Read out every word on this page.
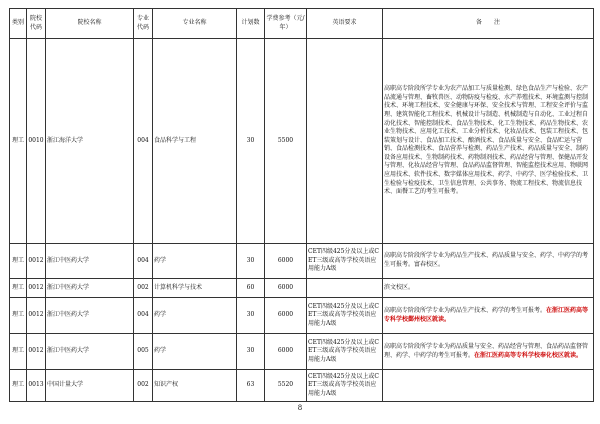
类别	院校代码	院校名称	专业代码	专业名称	计划数	学费参考（元/年）	英语要求	备　　注
理工	0010	浙江海洋大学	004	食品科学与工程	30	5500		高职高专阶段所学专业为农产品加工与质量检测、绿色食品生产与检验、农产品流通与管理、畜牧兽医、动物防疫与检疫、水产养殖技术、环境监测与控制技术、环境工程技术、安全健康与环保、安全技术与管理、工程安全评价与监理、建筑智能化工程技术、机械设计与制造、机械制造与自动化、工业过程自动化技术、智能控制技术、食品生物技术、化工生物技术、药品生物技术、农业生物技术、应用化工技术、工业分析技术、化妆品技术、包装工程技术、包装策划与设计、食品加工技术、酿酒技术、食品质量与安全、食品贮运与营销、食品检测技术、食品营养与检测、药品生产技术、药品质量与安全、制药设备应用技术、生物制药技术、药物制剂技术、药品经营与管理、保健品开发与管理、化妆品经营与管理、食品药品监督管理、智能监控技术应用、物联网应用技术、软件技术、数字媒体应用技术、药学、中药学、医学检验技术、卫生检验与检疫技术、卫生信息管理、公共事务、物流工程技术、物流信息技术、面餐工艺的考生可报考。
理工	0012	浙江中医药大学	004	药学	30	6000	CET四级425分及以上或CET三级或高等学校英语应用能力A级	高职高专阶段所学专业为药品生产技术、药品质量与安全、药学、中药学的考生可报考。富春校区。
理工	0012	浙江中医药大学	002	计算机科学与技术	60	6000		滨文校区。
理工	0012	浙江中医药大学	004	药学	30	6000	CET四级425分及以上或CET三级或高等学校英语应用能力A级	高职高专阶段所学专业为药品生产技术、药学的考生可报考。在浙江医药高等专科学校鄞州校区就读。
理工	0012	浙江中医药大学	005	药学	30	6000	CET四级425分及以上或CET三级或高等学校英语应用能力A级	高职高专阶段所学专业为药品质量与安全、药品经营与管理、食品药品监督管理、药学、中药学的考生可报考。在浙江医药高等专科学校奉化校区就读。
理工	0013	中国计量大学	002	知识产权	63	5520	CET四级425分及以上或CET三级或高等学校英语应用能力A级	
8
